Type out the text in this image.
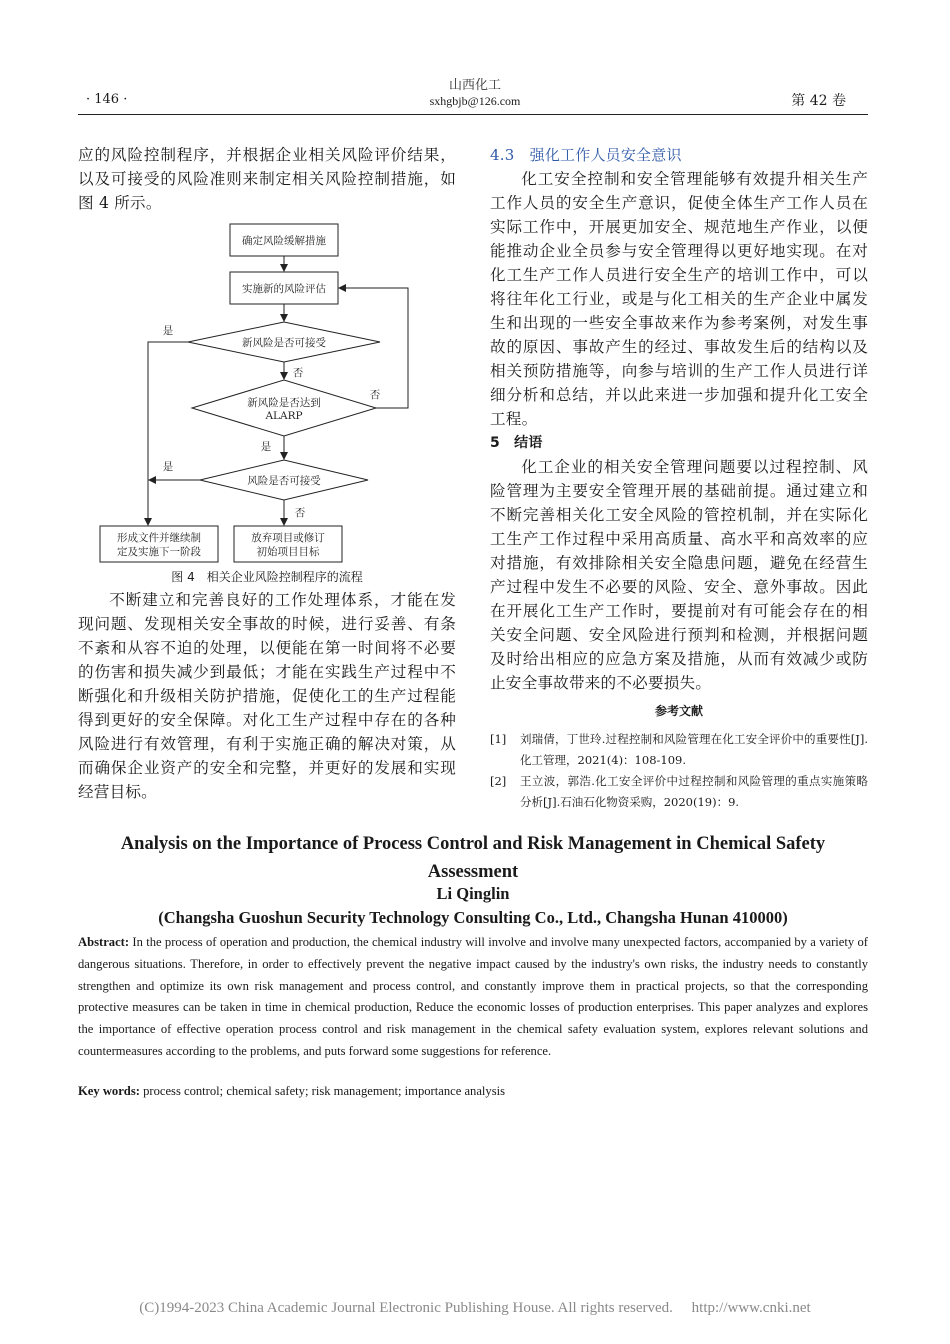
· 146 ·
山西化工
sxhgbjb@126.com	第 42 卷

应的风险控制程序，并根据企业相关风险评价结果，以及可接受的风险准则来制定相关风险控制措施，如图 4 所示。

确定风险缓解措施
实施新的风险评估
新风险是否可接受
新风险是否达到
ALARP
风险是否可接受
形成文件并继续制
定及实施下一阶段
放弃项目或修订
初始项目目标
是
否
否
是
是
否
图 4　相关企业风险控制程序的流程

不断建立和完善良好的工作处理体系，才能在发现问题、发现相关安全事故的时候，进行妥善、有条不紊和从容不迫的处理，以便能在第一时间将不必要的伤害和损失减少到最低；才能在实践生产过程中不断强化和升级相关防护措施，促使化工的生产过程能得到更好的安全保障。对化工生产过程中存在的各种风险进行有效管理，有利于实施正确的解决对策，从而确保企业资产的安全和完整，并更好的发展和实现经营目标。

4.3　强化工作人员安全意识

化工安全控制和安全管理能够有效提升相关生产工作人员的安全生产意识，促使全体生产工作人员在实际工作中，开展更加安全、规范地生产作业，以便能推动企业全员参与安全管理得以更好地实现。在对化工生产工作人员进行安全生产的培训工作中，可以将往年化工行业，或是与化工相关的生产企业中属发生和出现的一些安全事故来作为参考案例，对发生事故的原因、事故产生的经过、事故发生后的结构以及相关预防措施等，向参与培训的生产工作人员进行详细分析和总结，并以此来进一步加强和提升化工安全工程。

5　结语

化工企业的相关安全管理问题要以过程控制、风险管理为主要安全管理开展的基础前提。通过建立和不断完善相关化工安全风险的管控机制，并在实际化工生产工作过程中采用高质量、高水平和高效率的应对措施，有效排除相关安全隐患问题，避免在经营生产过程中发生不必要的风险、安全、意外事故。因此在开展化工生产工作时，要提前对有可能会存在的相关安全问题、安全风险进行预判和检测，并根据问题及时给出相应的应急方案及措施，从而有效减少或防止安全事故带来的不必要损失。

参考文献
[1]	刘瑞倩，丁世玲.过程控制和风险管理在化工安全评价中的重要性[J].化工管理，2021(4)：108-109.
[2]	王立波，郭浩.化工安全评价中过程控制和风险管理的重点实施策略分析[J].石油石化物资采购，2020(19)：9.
Analysis on the Importance of Process Control and Risk Management in Chemical Safety Assessment
Li Qinglin
(Changsha Guoshun Security Technology Consulting Co., Ltd., Changsha Hunan 410000)
Abstract: In the process of operation and production, the chemical industry will involve and involve many unexpected factors, accompanied by a variety of dangerous situations. Therefore, in order to effectively prevent the negative impact caused by the industry's own risks, the industry needs to constantly strengthen and optimize its own risk management and process control, and constantly improve them in practical projects, so that the corresponding protective measures can be taken in time in chemical production, Reduce the economic losses of production enterprises. This paper analyzes and explores the importance of effective operation process control and risk management in the chemical safety evaluation system, explores relevant solutions and countermeasures according to the problems, and puts forward some suggestions for reference.
Key words: process control; chemical safety; risk management; importance analysis
(C)1994-2023 China Academic Journal Electronic Publishing House. All rights reserved.　 http://www.cnki.net
